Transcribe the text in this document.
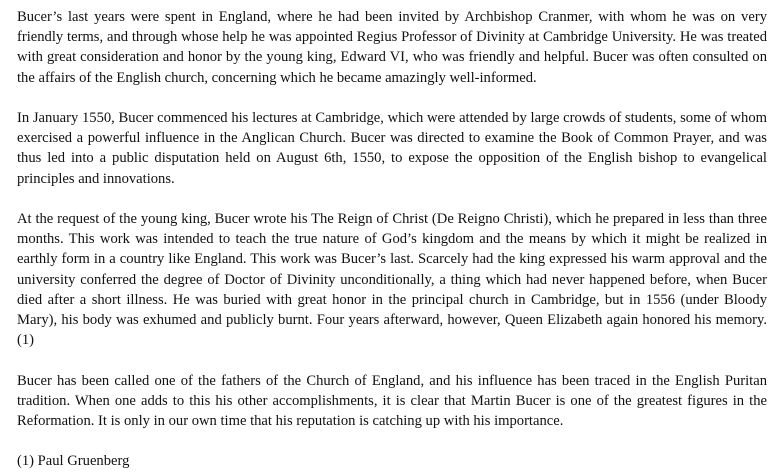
Bucer’s last years were spent in England, where he had been invited by Archbishop Cranmer, with whom he was on very friendly terms, and through whose help he was appointed Regius Professor of Divinity at Cambridge University. He was treated with great consideration and honor by the young king, Edward VI, who was friendly and helpful. Bucer was often consulted on the affairs of the English church, concerning which he became amazingly well-informed.

In January 1550, Bucer commenced his lectures at Cambridge, which were attended by large crowds of students, some of whom exercised a powerful influence in the Anglican Church. Bucer was directed to examine the Book of Common Prayer, and was thus led into a public disputation held on August 6th, 1550, to expose the opposition of the English bishop to evangelical principles and innovations.

At the request of the young king, Bucer wrote his The Reign of Christ (De Reigno Christi), which he prepared in less than three months. This work was intended to teach the true nature of God’s kingdom and the means by which it might be realized in earthly form in a country like England. This work was Bucer’s last. Scarcely had the king expressed his warm approval and the university conferred the degree of Doctor of Divinity unconditionally, a thing which had never happened before, when Bucer died after a short illness. He was buried with great honor in the principal church in Cambridge, but in 1556 (under Bloody Mary), his body was exhumed and publicly burnt. Four years afterward, however, Queen Elizabeth again honored his memory. (1)

Bucer has been called one of the fathers of the Church of England, and his influence has been traced in the English Puritan tradition. When one adds to this his other accomplishments, it is clear that Martin Bucer is one of the greatest figures in the Reformation. It is only in our own time that his reputation is catching up with his importance.

(1) Paul Gruenberg
